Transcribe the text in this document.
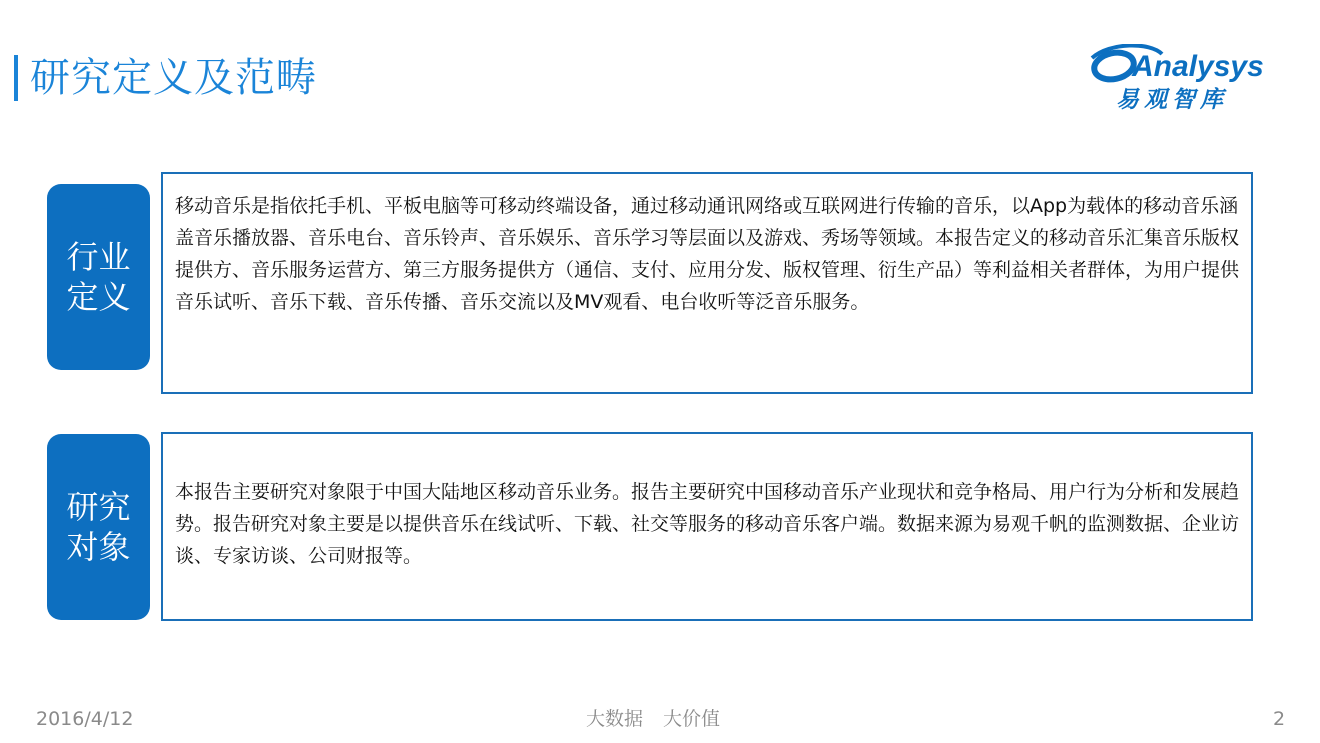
研究定义及范畴	Analysys
易观智库
行业定义
移动音乐是指依托手机、平板电脑等可移动终端设备，通过移动通讯网络或互联网进行传输的音乐，以App为载体的移动音乐涵盖音乐播放器、音乐电台、音乐铃声、音乐娱乐、音乐学习等层面以及游戏、秀场等领域。本报告定义的移动音乐汇集音乐版权提供方、音乐服务运营方、第三方服务提供方（通信、支付、应用分发、版权管理、衍生产品）等利益相关者群体，为用户提供音乐试听、音乐下载、音乐传播、音乐交流以及MV观看、电台收听等泛音乐服务。
研究对象
本报告主要研究对象限于中国大陆地区移动音乐业务。报告主要研究中国移动音乐产业现状和竞争格局、用户行为分析和发展趋势。报告研究对象主要是以提供音乐在线试听、下载、社交等服务的移动音乐客户端。数据来源为易观千帆的监测数据、企业访谈、专家访谈、公司财报等。
2016/4/12	大数据 大价值	2
